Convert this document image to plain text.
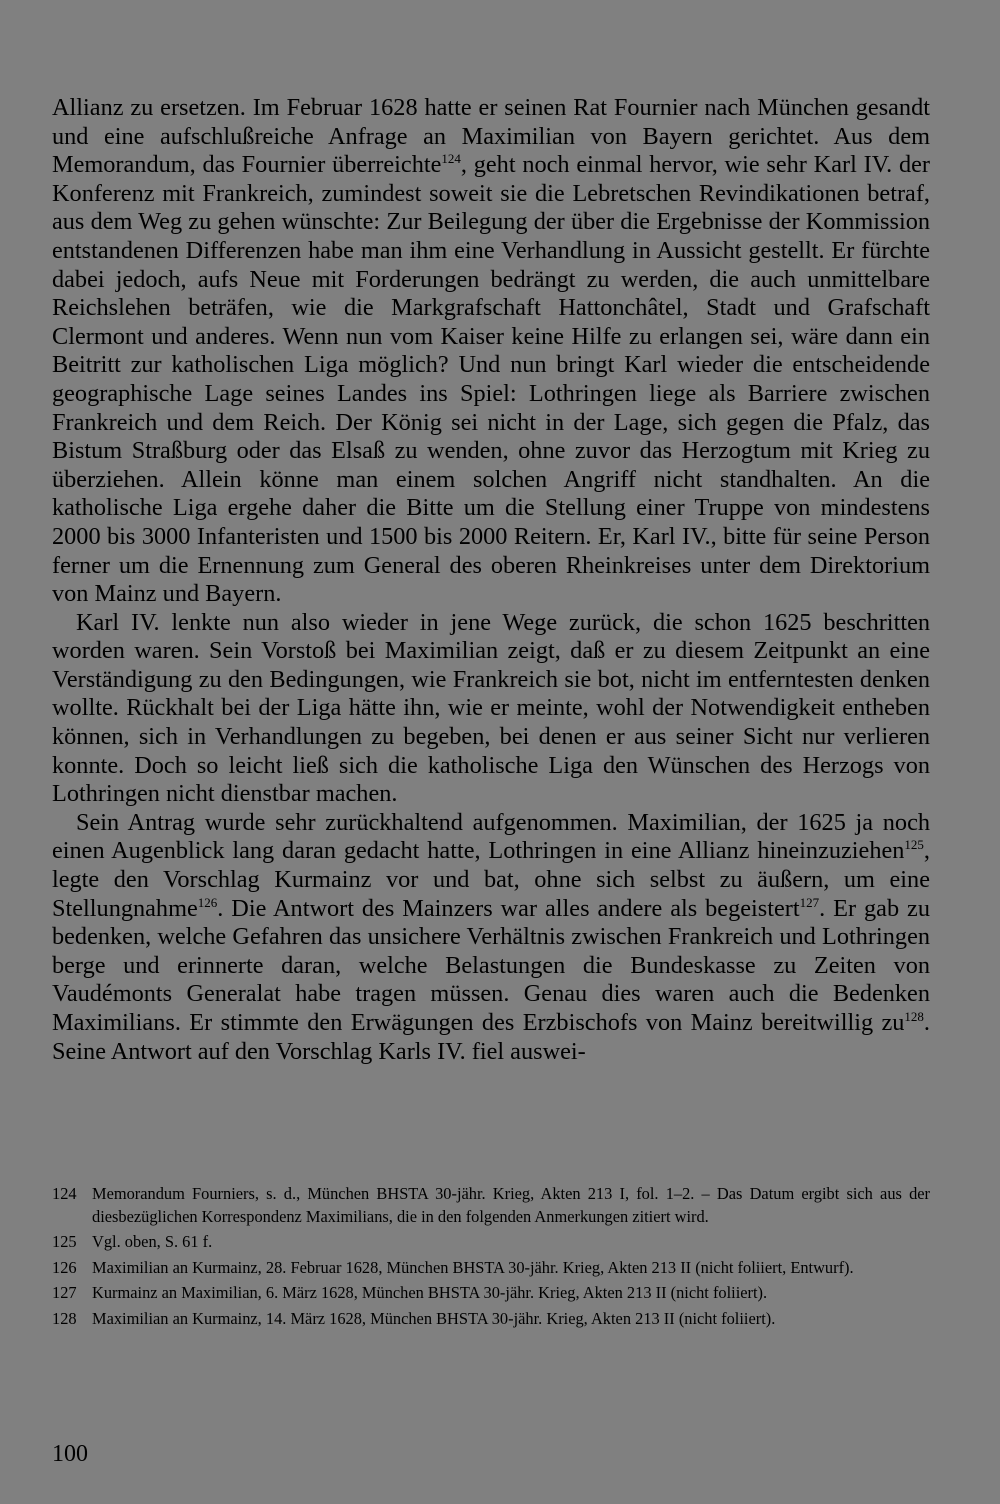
Allianz zu ersetzen. Im Februar 1628 hatte er seinen Rat Fournier nach München gesandt und eine aufschlußreiche Anfrage an Maximilian von Bayern gerichtet. Aus dem Memorandum, das Fournier überreichte$^{124}$, geht noch einmal hervor, wie sehr Karl IV. der Konferenz mit Frankreich, zumindest soweit sie die Lebretschen Revindikationen betraf, aus dem Weg zu gehen wünschte: Zur Beilegung der über die Ergebnisse der Kommission entstandenen Differenzen habe man ihm eine Verhandlung in Aussicht gestellt. Er fürchte dabei jedoch, aufs Neue mit Forderungen bedrängt zu werden, die auch unmittelbare Reichslehen beträfen, wie die Markgrafschaft Hattonchâtel, Stadt und Grafschaft Clermont und anderes. Wenn nun vom Kaiser keine Hilfe zu erlangen sei, wäre dann ein Beitritt zur katholischen Liga möglich? Und nun bringt Karl wieder die entscheidende geographische Lage seines Landes ins Spiel: Lothringen liege als Barriere zwischen Frankreich und dem Reich. Der König sei nicht in der Lage, sich gegen die Pfalz, das Bistum Straßburg oder das Elsaß zu wenden, ohne zuvor das Herzogtum mit Krieg zu überziehen. Allein könne man einem solchen Angriff nicht standhalten. An die katholische Liga ergehe daher die Bitte um die Stellung einer Truppe von mindestens 2000 bis 3000 Infanteristen und 1500 bis 2000 Reitern. Er, Karl IV., bitte für seine Person ferner um die Ernennung zum General des oberen Rheinkreises unter dem Direktorium von Mainz und Bayern.

Karl IV. lenkte nun also wieder in jene Wege zurück, die schon 1625 beschritten worden waren. Sein Vorstoß bei Maximilian zeigt, daß er zu diesem Zeitpunkt an eine Verständigung zu den Bedingungen, wie Frankreich sie bot, nicht im entferntesten denken wollte. Rückhalt bei der Liga hätte ihn, wie er meinte, wohl der Notwendigkeit entheben können, sich in Verhandlungen zu begeben, bei denen er aus seiner Sicht nur verlieren konnte. Doch so leicht ließ sich die katholische Liga den Wünschen des Herzogs von Lothringen nicht dienstbar machen.

Sein Antrag wurde sehr zurückhaltend aufgenommen. Maximilian, der 1625 ja noch einen Augenblick lang daran gedacht hatte, Lothringen in eine Allianz hineinzuziehen$^{125}$, legte den Vorschlag Kurmainz vor und bat, ohne sich selbst zu äußern, um eine Stellungnahme$^{126}$. Die Antwort des Mainzers war alles andere als begeistert$^{127}$. Er gab zu bedenken, welche Gefahren das unsichere Verhältnis zwischen Frankreich und Lothringen berge und erinnerte daran, welche Belastungen die Bundeskasse zu Zeiten von Vaudémonts Generalat habe tragen müssen. Genau dies waren auch die Bedenken Maximilians. Er stimmte den Erwägungen des Erzbischofs von Mainz bereitwillig $zu^{128}$. Seine Antwort auf den Vorschlag Karls IV. fiel auswei-

124 Memorandum Fourniers, s. d., München BHSTA 30-jähr. Krieg, Akten 213 I, fol. 1–2. – Das Datum ergibt sich aus der diesbezüglichen Korrespondenz Maximilians, die in den folgenden Anmerkungen zitiert wird.
125 Vgl. oben, S. 61 f.
126 Maximilian an Kurmainz, 28. Februar 1628, München BHSTA 30-jähr. Krieg, Akten 213 II (nicht foliiert, Entwurf).
127 Kurmainz an Maximilian, 6. März 1628, München BHSTA 30-jähr. Krieg, Akten 213 II (nicht foliiert).
128 Maximilian an Kurmainz, 14. März 1628, München BHSTA 30-jähr. Krieg, Akten 213 II (nicht foliiert).
100
